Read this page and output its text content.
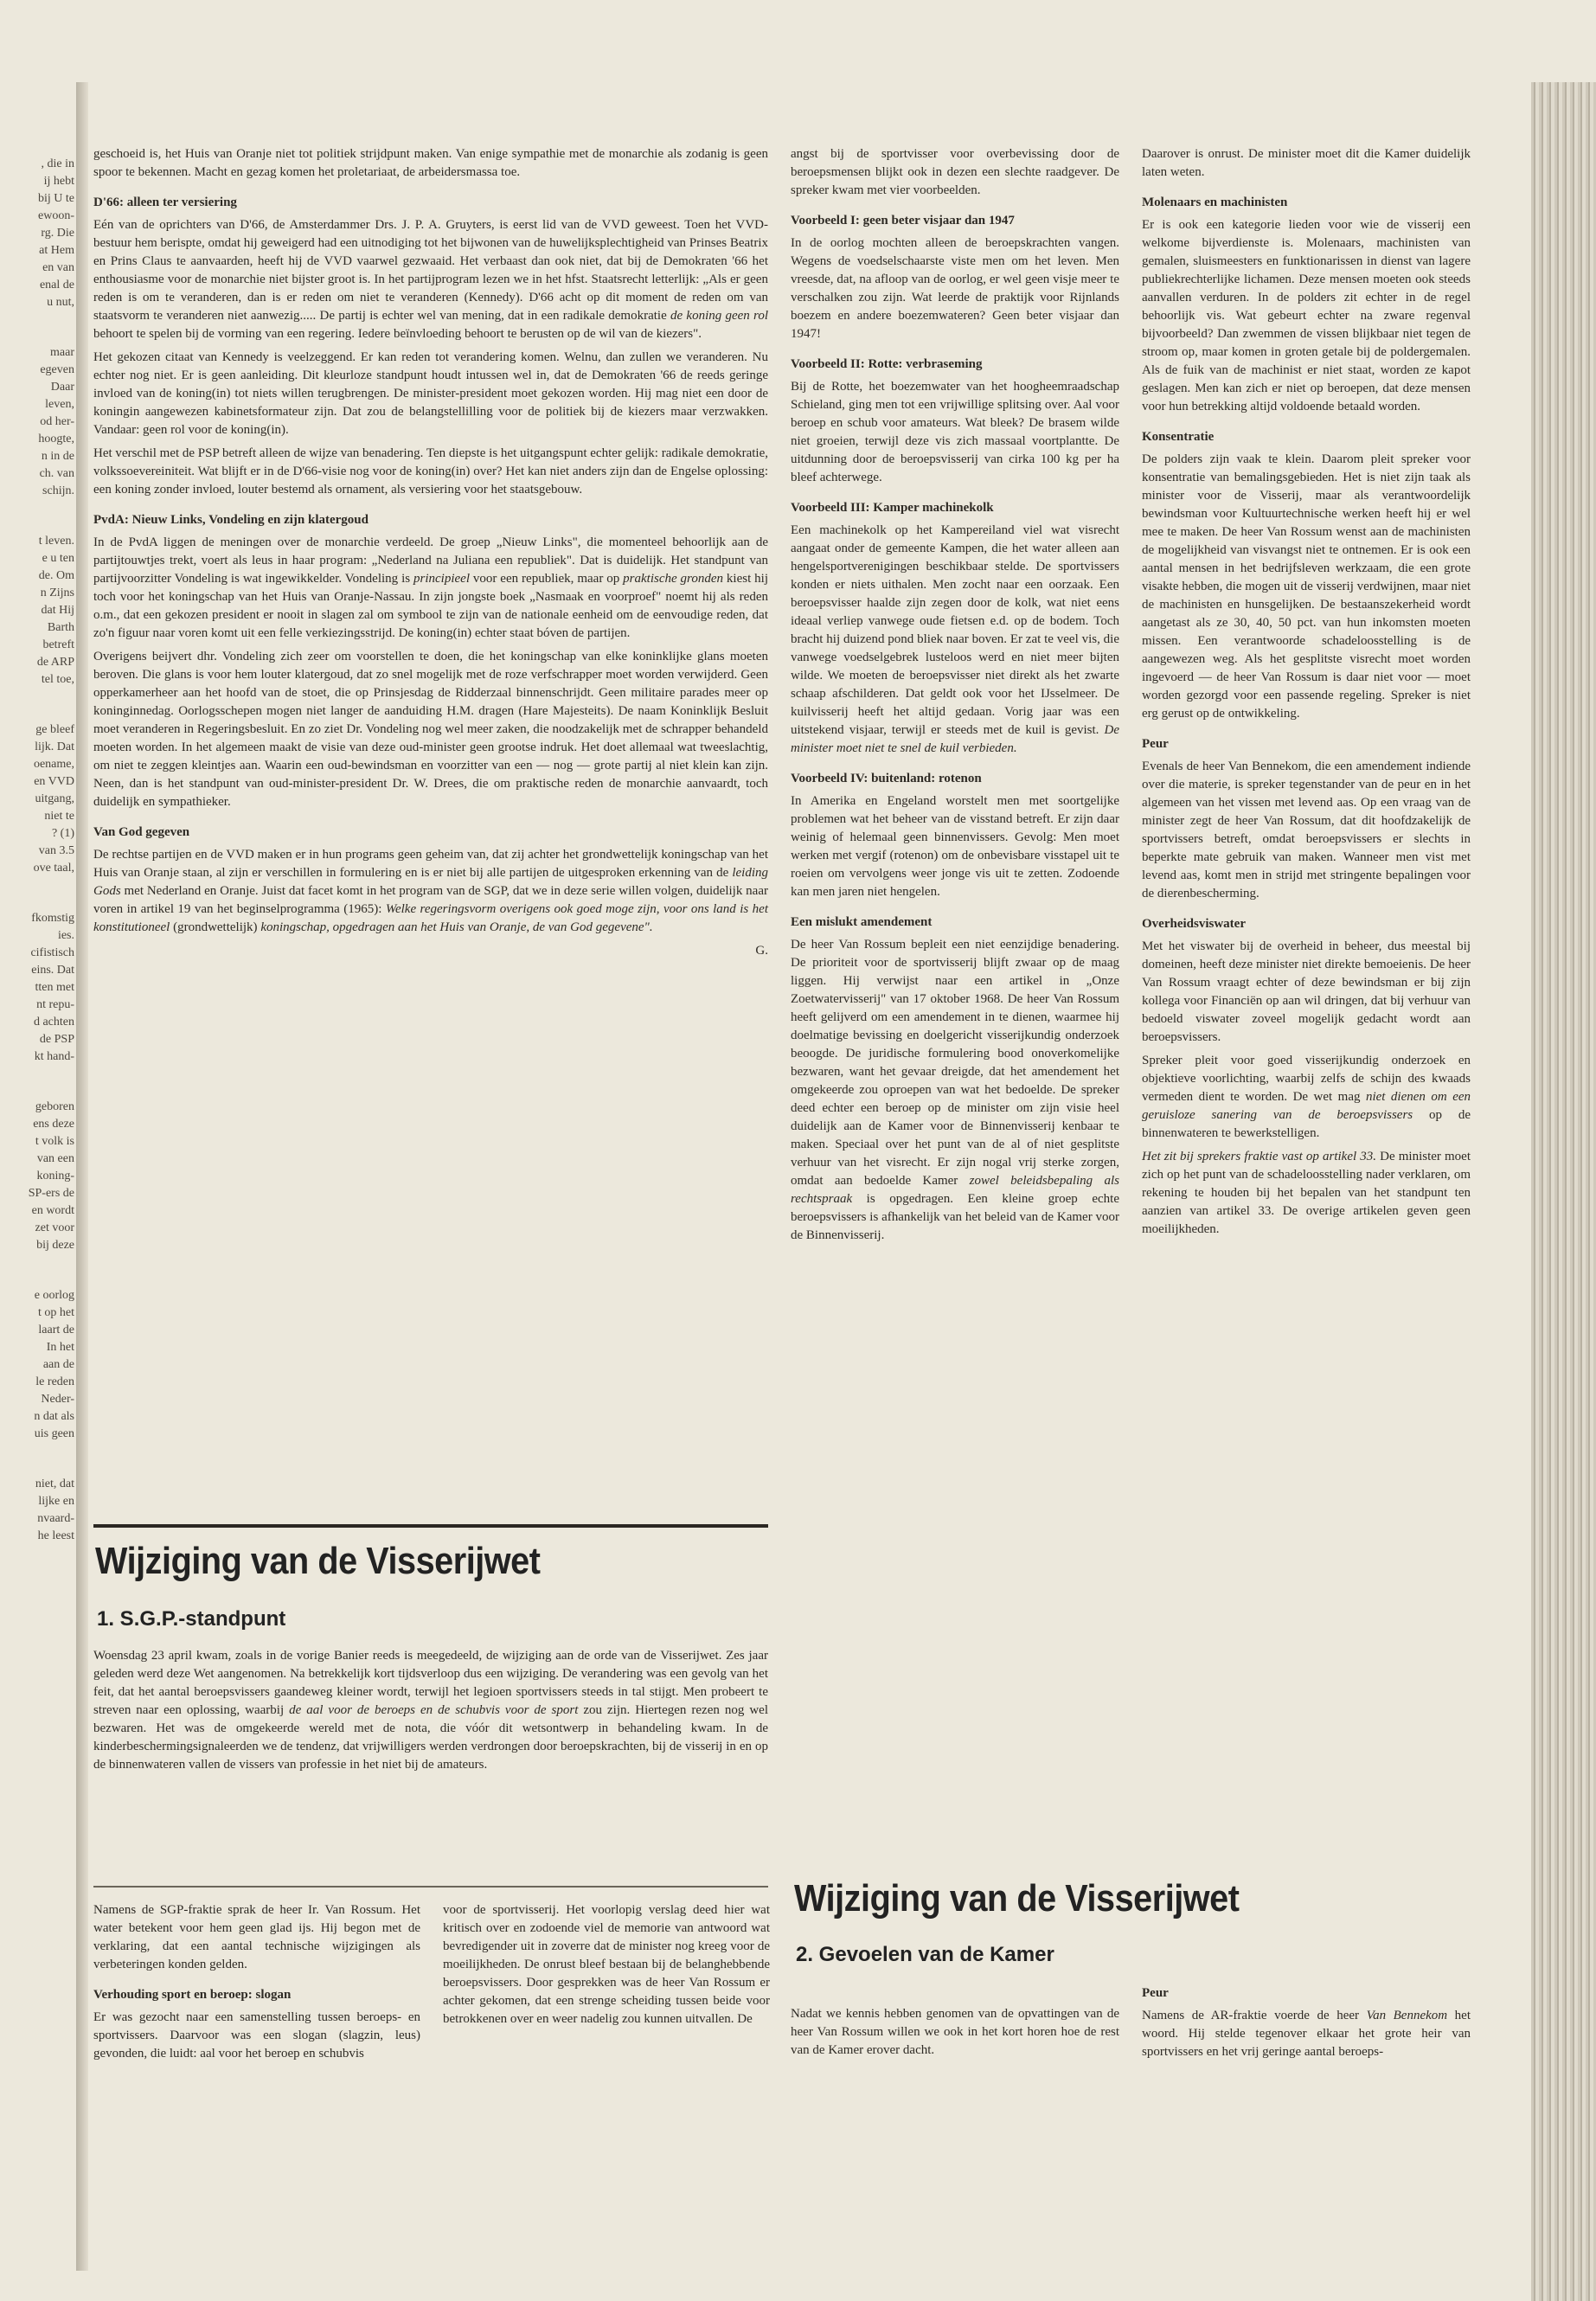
, die in
ij hebt
bij U te
ewoon-
rg. Die
at Hem
en van
enal de
u nut,
maar
egeven
Daar
leven,
od her-
hoogte,
n in de
ch. van
schijn.
t leven.
e u ten
de. Om
n Zijns
dat Hij
Barth
betreft
de ARP
tel toe,
ge bleef
lijk. Dat
oename,
en VVD
uitgang,
niet te
? (1)
van 3.5
ove taal,
fkomstig
ies.
cifistisch
eins. Dat
tten met
nt repu-
d achten
de PSP
kt hand-
geboren
ens deze
t volk is
van een
koning-
SP-ers de
en wordt
zet voor
bij deze
e oorlog
t op het
laart de
In het
aan de
le reden
Neder-
n dat als
uis geen
niet, dat
lijke en
nvaard-
he leest

geschoeid is, het Huis van Oranje niet tot politiek strijdpunt maken. Van enige sympathie met de monarchie als zodanig is geen spoor te bekennen. Macht en gezag komen het proletariaat, de arbeidersmassa toe.

D'66: alleen ter versiering

Eén van de oprichters van D'66, de Amsterdammer Drs. J. P. A. Gruyters, is eerst lid van de VVD geweest. Toen het VVD-bestuur hem berispte, omdat hij geweigerd had een uitnodiging tot het bijwonen van de huwelijksplechtigheid van Prinses Beatrix en Prins Claus te aanvaarden, heeft hij de VVD vaarwel gezwaaid. Het verbaast dan ook niet, dat bij de Demokraten '66 het enthousiasme voor de monarchie niet bijster groot is. In het partijprogram lezen we in het hfst. Staatsrecht letterlijk: „Als er geen reden is om te veranderen, dan is er reden om niet te veranderen (Kennedy). D'66 acht op dit moment de reden om van staatsvorm te veranderen niet aanwezig..... De partij is echter wel van mening, dat in een radikale demokratie de koning geen rol behoort te spelen bij de vorming van een regering. Iedere beïnvloeding behoort te berusten op de wil van de kiezers".

Het gekozen citaat van Kennedy is veelzeggend. Er kan reden tot verandering komen. Welnu, dan zullen we veranderen. Nu echter nog niet. Er is geen aanleiding. Dit kleurloze standpunt houdt intussen wel in, dat de Demokraten '66 de reeds geringe invloed van de koning(in) tot niets willen terugbrengen. De minister-president moet gekozen worden. Hij mag niet een door de koningin aangewezen kabinetsformateur zijn. Dat zou de belangstellilling voor de politiek bij de kiezers maar verzwakken. Vandaar: geen rol voor de koning(in).

Het verschil met de PSP betreft alleen de wijze van benadering. Ten diepste is het uitgangspunt echter gelijk: radikale demokratie, volkssoevereiniteit. Wat blijft er in de D'66-visie nog voor de koning(in) over? Het kan niet anders zijn dan de Engelse oplossing: een koning zonder invloed, louter bestemd als ornament, als versiering voor het staatsgebouw.

PvdA: Nieuw Links, Vondeling en zijn klatergoud

In de PvdA liggen de meningen over de monarchie verdeeld. De groep „Nieuw Links", die momenteel behoorlijk aan de partijtouwtjes trekt, voert als leus in haar program: „Nederland na Juliana een republiek". Dat is duidelijk. Het standpunt van partijvoorzitter Vondeling is wat ingewikkelder. Vondeling is principieel voor een republiek, maar op praktische gronden kiest hij toch voor het koningschap van het Huis van Oranje-Nassau. In zijn jongste boek „Nasmaak en voorproef" noemt hij als reden o.m., dat een gekozen president er nooit in slagen zal om symbool te zijn van de nationale eenheid om de eenvoudige reden, dat zo'n figuur naar voren komt uit een felle verkiezingsstrijd. De koning(in) echter staat bóven de partijen.

Overigens beijvert dhr. Vondeling zich zeer om voorstellen te doen, die het koningschap van elke koninklijke glans moeten beroven. Die glans is voor hem louter klatergoud, dat zo snel mogelijk met de roze verfschrapper moet worden verwijderd. Geen opperkamerheer aan het hoofd van de stoet, die op Prinsjesdag de Ridderzaal binnenschrijdt. Geen militaire parades meer op koninginnedag. Oorlogsschepen mogen niet langer de aanduiding H.M. dragen (Hare Majesteits). De naam Koninklijk Besluit moet veranderen in Regeringsbesluit. En zo ziet Dr. Vondeling nog wel meer zaken, die noodzakelijk met de schrapper behandeld moeten worden. In het algemeen maakt de visie van deze oud-minister geen grootse indruk. Het doet allemaal wat tweeslachtig, om niet te zeggen kleintjes aan. Waarin een oud-bewindsman en voorzitter van een — nog — grote partij al niet klein kan zijn. Neen, dan is het standpunt van oud-minister-president Dr. W. Drees, die om praktische reden de monarchie aanvaardt, toch duidelijk en sympathieker.

Van God gegeven

De rechtse partijen en de VVD maken er in hun programs geen geheim van, dat zij achter het grondwettelijk koningschap van het Huis van Oranje staan, al zijn er verschillen in formulering en is er niet bij alle partijen de uitgesproken erkenning van de leiding Gods met Nederland en Oranje. Juist dat facet komt in het program van de SGP, dat we in deze serie willen volgen, duidelijk naar voren in artikel 19 van het beginselprogramma (1965): Welke regeringsvorm overigens ook goed moge zijn, voor ons land is het konstitutioneel (grondwettelijk) koningschap, opgedragen aan het Huis van Oranje, de van God gegevene".

G.

Wijziging van de Visserijwet
1. S.G.P.-standpunt

Woensdag 23 april kwam, zoals in de vorige Banier reeds is meegedeeld, de wijziging aan de orde van de Visserijwet. Zes jaar geleden werd deze Wet aangenomen. Na betrekkelijk kort tijdsverloop dus een wijziging. De verandering was een gevolg van het feit, dat het aantal beroepsvissers gaandeweg kleiner wordt, terwijl het legioen sportvissers steeds in tal stijgt. Men probeert te streven naar een oplossing, waarbij de aal voor de beroeps en de schubvis voor de sport zou zijn. Hiertegen rezen nog wel bezwaren. Het was de omgekeerde wereld met de nota, die vóór dit wetsontwerp in behandeling kwam. In de kinderbeschermingsignaleerden we de tendenz, dat vrijwilligers werden verdrongen door beroepskrachten, bij de visserij in en op de binnenwateren vallen de vissers van professie in het niet bij de amateurs.

Namens de SGP-fraktie sprak de heer Ir. Van Rossum. Het water betekent voor hem geen glad ijs. Hij begon met de verklaring, dat een aantal technische wijzigingen als verbeteringen konden gelden.

Verhouding sport en beroep: slogan

Er was gezocht naar een samenstelling tussen beroeps- en sportvissers. Daarvoor was een slogan (slagzin, leus) gevonden, die luidt: aal voor het beroep en schubvis

voor de sportvisserij. Het voorlopig verslag deed hier wat kritisch over en zodoende viel de memorie van antwoord wat bevredigender uit in zoverre dat de minister nog kreeg voor de moeilijkheden. De onrust bleef bestaan bij de belanghebbende beroepsvissers. Door gesprekken was de heer Van Rossum er achter gekomen, dat een strenge scheiding tussen beide voor betrokkenen over en weer nadelig zou kunnen uitvallen. De

angst bij de sportvisser voor overbevissing door de beroepsmensen blijkt ook in dezen een slechte raadgever. De spreker kwam met vier voorbeelden.

Voorbeeld I: geen beter visjaar dan 1947

In de oorlog mochten alleen de beroepskrachten vangen. Wegens de voedselschaarste viste men om het leven. Men vreesde, dat, na afloop van de oorlog, er wel geen visje meer te verschalken zou zijn. Wat leerde de praktijk voor Rijnlands boezem en andere boezemwateren? Geen beter visjaar dan 1947!

Voorbeeld II: Rotte: verbraseming

Bij de Rotte, het boezemwater van het hoogheemraadschap Schieland, ging men tot een vrijwillige splitsing over. Aal voor beroep en schub voor amateurs. Wat bleek? De brasem wilde niet groeien, terwijl deze vis zich massaal voortplantte. De uitdunning door de beroepsvisserij van cirka 100 kg per ha bleef achterwege.

Voorbeeld III: Kamper machinekolk

Een machinekolk op het Kampereiland viel wat visrecht aangaat onder de gemeente Kampen, die het water alleen aan hengelsportverenigingen beschikbaar stelde. De sportvissers konden er niets uithalen. Men zocht naar een oorzaak. Een beroepsvisser haalde zijn zegen door de kolk, wat niet eens ideaal verliep vanwege oude fietsen e.d. op de bodem. Toch bracht hij duizend pond bliek naar boven. Er zat te veel vis, die vanwege voedselgebrek lusteloos werd en niet meer bijten wilde. We moeten de beroepsvisser niet direkt als het zwarte schaap afschilderen. Dat geldt ook voor het IJsselmeer. De kuilvisserij heeft het altijd gedaan. Vorig jaar was een uitstekend visjaar, terwijl er steeds met de kuil is gevist. De minister moet niet te snel de kuil verbieden.

Voorbeeld IV: buitenland: rotenon

In Amerika en Engeland worstelt men met soortgelijke problemen wat het beheer van de visstand betreft. Er zijn daar weinig of helemaal geen binnenvissers. Gevolg: Men moet werken met vergif (rotenon) om de onbevisbare visstapel uit te roeien om vervolgens weer jonge vis uit te zetten. Zodoende kan men jaren niet hengelen.

Een mislukt amendement

De heer Van Rossum bepleit een niet eenzijdige benadering. De prioriteit voor de sportvisserij blijft zwaar op de maag liggen. Hij verwijst naar een artikel in „Onze Zoetwatervisserij" van 17 oktober 1968. De heer Van Rossum heeft gelijverd om een amendement in te dienen, waarmee hij doelmatige bevissing en doelgericht visserijkundig onderzoek beoogde. De juridische formulering bood onoverkomelijke bezwaren, want het gevaar dreigde, dat het amendement het omgekeerde zou oproepen van wat het bedoelde. De spreker deed echter een beroep op de minister om zijn visie heel duidelijk aan de Kamer voor de Binnenvisserij kenbaar te maken. Speciaal over het punt van de al of niet gesplitste verhuur van het visrecht. Er zijn nogal vrij sterke zorgen, omdat aan bedoelde Kamer zowel beleidsbepaling als rechtspraak is opgedragen. Een kleine groep echte beroepsvissers is afhankelijk van het beleid van de Kamer voor de Binnenvisserij.

Daarover is onrust. De minister moet dit die Kamer duidelijk laten weten.

Molenaars en machinisten

Er is ook een kategorie lieden voor wie de visserij een welkome bijverdienste is. Molenaars, machinisten van gemalen, sluismeesters en funktionarissen in dienst van lagere publiekrechterlijke lichamen. Deze mensen moeten ook steeds aanvallen verduren. In de polders zit echter in de regel behoorlijk vis. Wat gebeurt echter na zware regenval bijvoorbeeld? Dan zwemmen de vissen blijkbaar niet tegen de stroom op, maar komen in groten getale bij de poldergemalen. Als de fuik van de machinist er niet staat, worden ze kapot geslagen. Men kan zich er niet op beroepen, dat deze mensen voor hun betrekking altijd voldoende betaald worden.

Konsentratie

De polders zijn vaak te klein. Daarom pleit spreker voor konsentratie van bemalingsgebieden. Het is niet zijn taak als minister voor de Visserij, maar als verantwoordelijk bewindsman voor Kultuurtechnische werken heeft hij er wel mee te maken. De heer Van Rossum wenst aan de machinisten de mogelijkheid van visvangst niet te ontnemen. Er is ook een aantal mensen in het bedrijfsleven werkzaam, die een grote visakte hebben, die mogen uit de visserij verdwijnen, maar niet de machinisten en hunsgelijken. De bestaanszekerheid wordt aangetast als ze 30, 40, 50 pct. van hun inkomsten moeten missen. Een verantwoorde schadeloosstelling is de aangewezen weg. Als het gesplitste visrecht moet worden ingevoerd — de heer Van Rossum is daar niet voor — moet worden gezorgd voor een passende regeling. Spreker is niet erg gerust op de ontwikkeling.

Peur

Evenals de heer Van Bennekom, die een amendement indiende over die materie, is spreker tegenstander van de peur en in het algemeen van het vissen met levend aas. Op een vraag van de minister zegt de heer Van Rossum, dat dit hoofdzakelijk de sportvissers betreft, omdat beroepsvissers er slechts in beperkte mate gebruik van maken. Wanneer men vist met levend aas, komt men in strijd met stringente bepalingen voor de dierenbescherming.

Overheidsviswater

Met het viswater bij de overheid in beheer, dus meestal bij domeinen, heeft deze minister niet direkte bemoeienis. De heer Van Rossum vraagt echter of deze bewindsman er bij zijn kollega voor Financiën op aan wil dringen, dat bij verhuur van bedoeld viswater zoveel mogelijk gedacht wordt aan beroepsvissers.

Spreker pleit voor goed visserijkundig onderzoek en objektieve voorlichting, waarbij zelfs de schijn des kwaads vermeden dient te worden. De wet mag niet dienen om een geruisloze sanering van de beroepsvissers op de binnenwateren te bewerkstelligen.

Het zit bij sprekers fraktie vast op artikel 33. De minister moet zich op het punt van de schadeloosstelling nader verklaren, om rekening te houden bij het bepalen van het standpunt ten aanzien van artikel 33. De overige artikelen geven geen moeilijkheden.

Wijziging van de Visserijwet
2. Gevoelen van de Kamer

Nadat we kennis hebben genomen van de opvattingen van de heer Van Rossum willen we ook in het kort horen hoe de rest van de Kamer erover dacht.

Peur

Namens de AR-fraktie voerde de heer Van Bennekom het woord. Hij stelde tegenover elkaar het grote heir van sportvissers en het vrij geringe aantal beroeps-
